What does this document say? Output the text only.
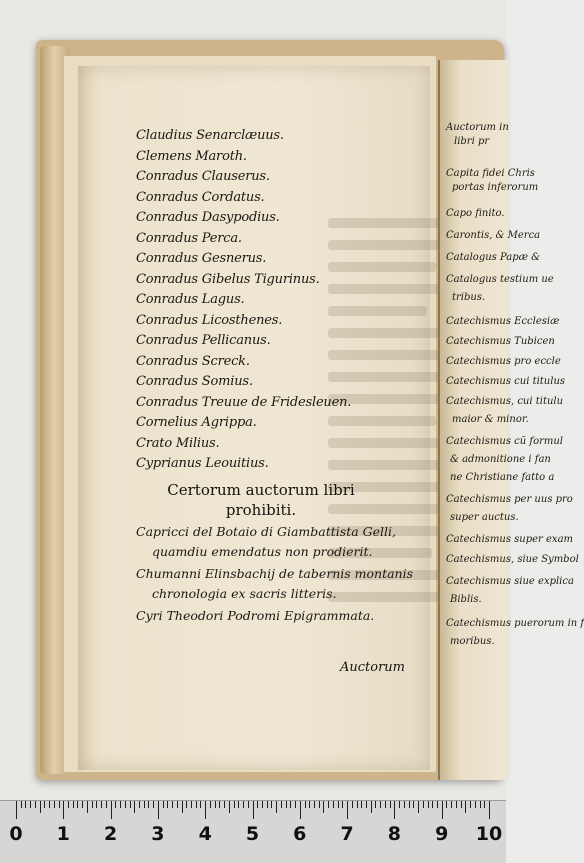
Claudius Senarclæuus.
Clemens Maroth.
Conradus Clauserus.
Conradus Cordatus.
Conradus Dasypodius.
Conradus Perca.
Conradus Gesnerus.
Conradus Gibelus Tigurinus.
Conradus Lagus.
Conradus Licosthenes.
Conradus Pellicanus.
Conradus Screck.
Conradus Somius.
Conradus Treuue de Fridesleuen.
Cornelius Agrippa.
Crato Milius.
Cyprianus Leouitius.
Certorum auctorum libri
prohibiti.
Capricci del Botaio di Giambattista Gelli,
quamdiu emendatus non prodierit.
Chumanni Elinsbachij de tabernis montanis
chronologia ex sacris litteris.
Cyri Theodori Podromi Epigrammata.
Auctorum
Auctorum in
libri pr
Capita fidei Chris
portas inferorum
Capo finito.
Carontis, & Merca
Catalogus Papæ &
Catalogus testium ue
tribus.
Catechismus Ecclesiæ
Catechismus Tubicen
Catechismus pro eccle
Catechismus cui titulus
Catechismus, cui titulu
maior & minor.
Catechismus cũ formul
& admonitione i fan
ne Christiane fatto a
Catechismus per uus pro
super auctus.
Catechismus super exam
Catechismus, siue Symbol
Catechismus siue explica
Biblis.
Catechismus puerorum in f
moribus.
0 1 2 3 4 5 6 7 8 9 10
